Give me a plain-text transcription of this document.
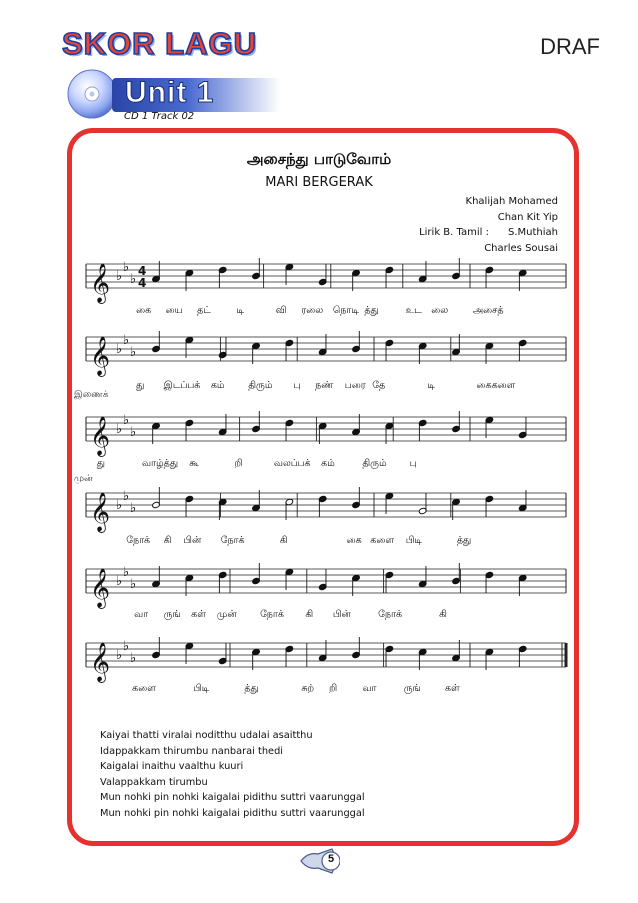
SKOR LAGU	DRAF
Unit 1
CD 1 Track 02
அசைந்து பாடுவோம்
MARI BERGERAK
Khalijah Mohamed
Chan Kit Yip
Lirik B. Tamil :      S.Muthiah
Charles Sousai
𝄞 ♭
♭
♭
4
4
𝄞 ♭
♭
♭
𝄞 ♭
♭
♭
𝄞 ♭
♭
♭
𝄞 ♭
♭
♭
𝄞 ♭
♭
♭
கை யை தட்	டி	வி ரலை நொடி த்து	உட லை	அசைத்
து இடப் பக் கம் திரும் பு நண் பரை தே	டி	கைகளை
து	வாழ்த்து கூ	றி	வலப் பக் கம்	திரும் பு
நோக் கி பின் நோக்	கி	கை களை பிடி	த்து
வா ருங் கள் முன் நோக் கி பின்	நோக்	கி
களை	பிடி	த்து	சுற் றி	வா	ருங்	கள்
இணைக்
முன்
Kaiyai thatti viralai noditthu udalai asaitthu
Idappakkam thirumbu nanbarai thedi
Kaigalai inaithu vaalthu kuuri
Valappakkam tirumbu
Mun nohki pin nohki kaigalai pidithu suttri vaarunggal
Mun nohki pin nohki kaigalai pidithu suttri vaarunggal
5
